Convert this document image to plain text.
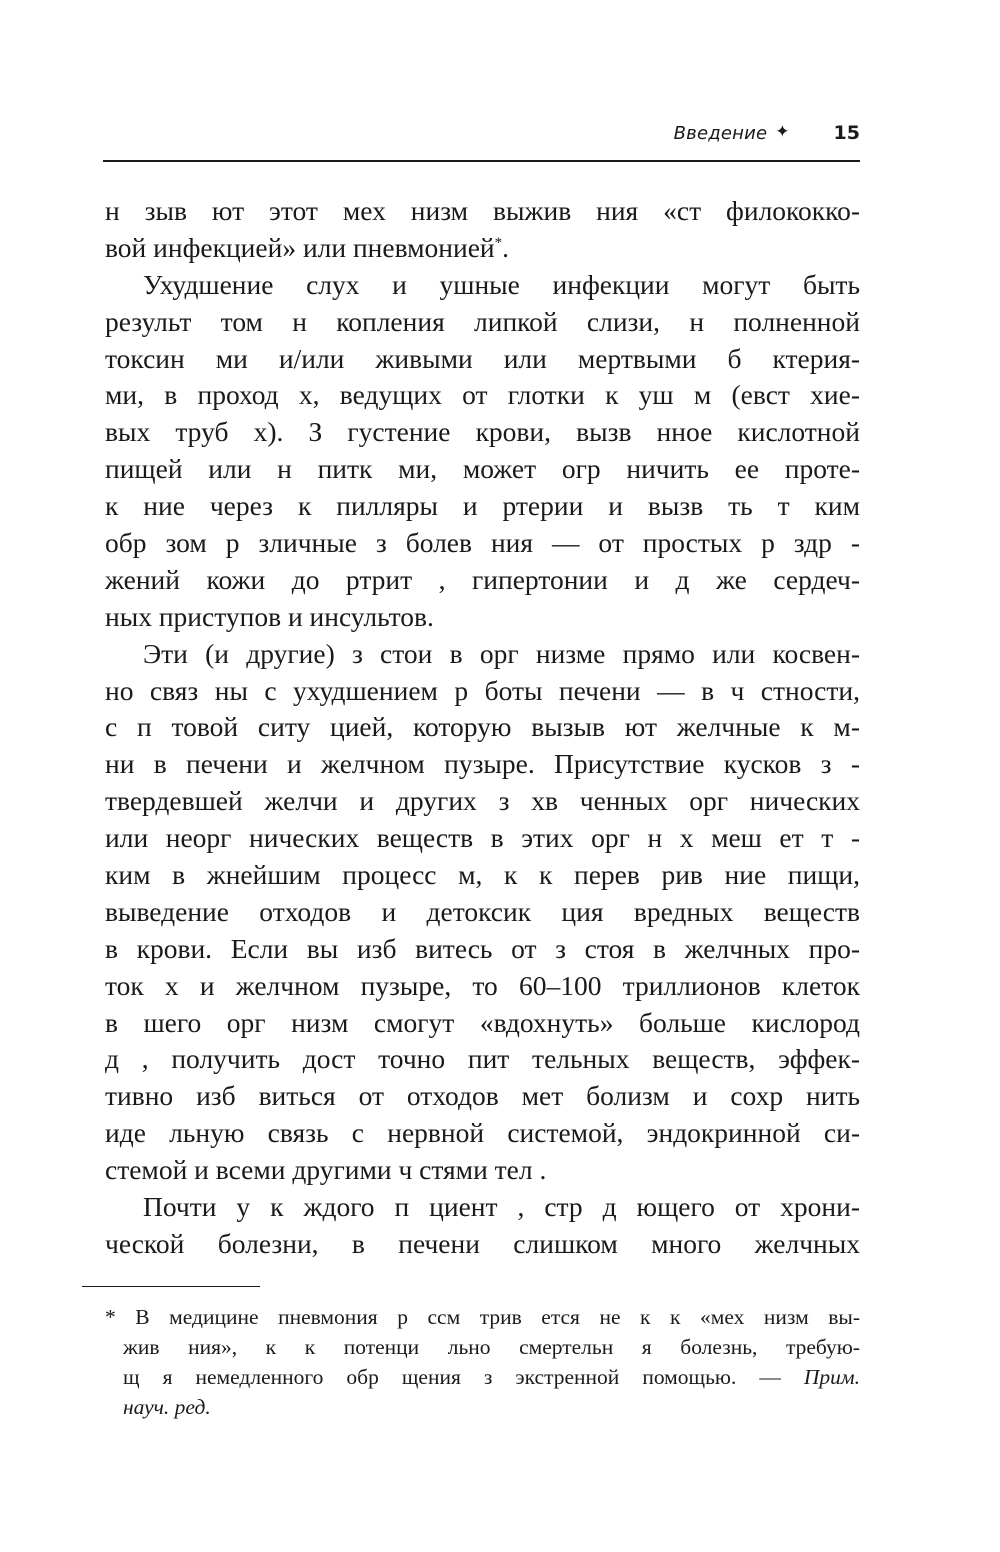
Введение ✦ 15
н зыв ют этот мех низм выжив ния «ст филококко-
вой инфекцией» или пневмонией*.
Ухудшение слух и ушные инфекции могут быть
результ том н копления липкой слизи, н полненной
токсин ми и/или живыми или мертвыми б ктерия-
ми, в проход х, ведущих от глотки к уш м (евст хие-
вых труб х). З густение крови, вызв нное кислотной
пищей или н питк ми, может огр ничить ее протe-
к ние через к пилляры и ртерии и вызв ть т ким
обр зом р зличные з болев ния — от простых р здр -
жений кожи до ртрит , гипертонии и д же сердеч-
ных приступов и инсультов.
Эти (и другие) з стои в орг низме прямо или косвен-
но связ ны с ухудшением р боты печени — в ч стности,
с п товой ситу цией, которую вызыв ют желчные к м-
ни в печени и желчном пузыре. Присутствие кусков з -
твердевшей желчи и других з хв ченных орг нических
или неорг нических веществ в этих орг н х меш ет т -
ким в жнейшим процесс м, к к перев рив ние пищи,
выведение отходов и детоксик ция вредных веществ
в крови. Если вы изб витесь от з стоя в желчных про-
ток х и желчном пузыре, то 60–100 триллионов клеток
в шего орг низм смогут «вдохнуть» больше кислород
д , получить дост точно пит тельных веществ, эффек-
тивно изб виться от отходов мет болизм и сохр нить
иде льную связь с нервной системой, эндокринной си-
стемой и всеми другими ч стями тел .
Почти у к ждого п циент , стр д ющего от хрони-
ческой болезни, в печени слишком много желчных
* В медицине пневмония р ссм трив ется не к к «мех низм вы-
жив ния», к к потенци льно смертельн я болезнь, требую-
щ я немедленного обр щения з экстренной помощью. — Прим.
науч. ред.
